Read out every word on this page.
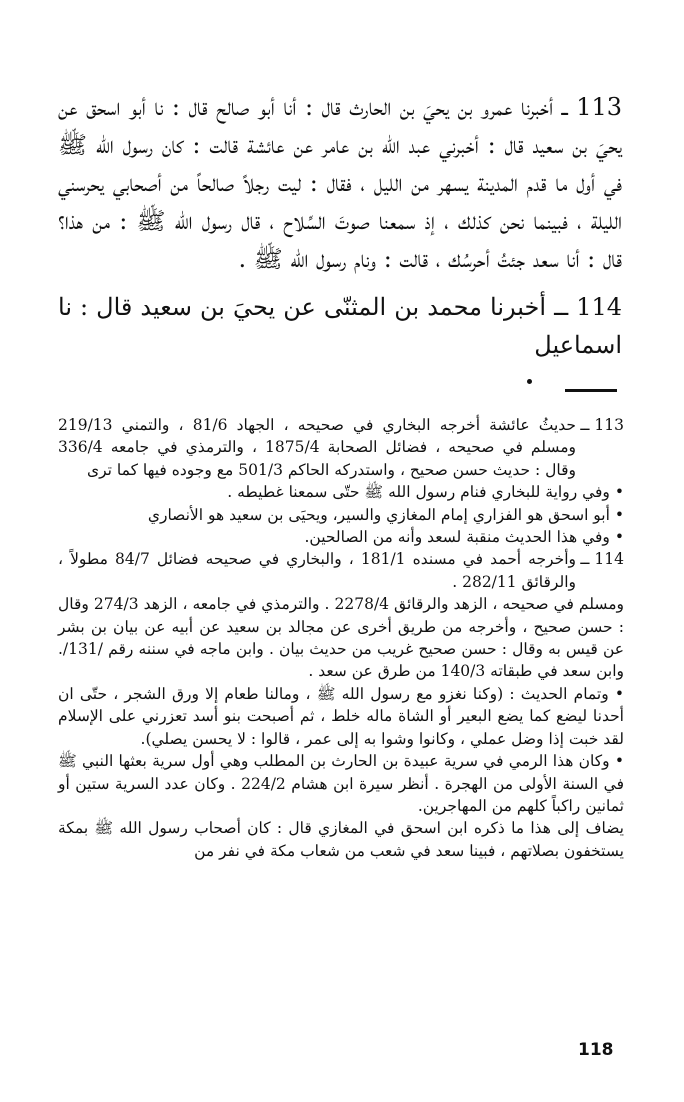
113 ــ أخبرنا عمرو بن يحيَ بن الحارث قال : أنا أبو صالح قال : نا أبو اسحق عن يحيَ بن سعيد قال : أخبرني عبد الله بن عامر عن عائشة قالت : كان رسول الله ﷺ في أول ما قدم المدينة يسهر من الليل ، فقال : ليت رجلاً صالحاً من أصحابي يحرسني الليلة ، فبينما نحن كذلك ، إذ سمعنا صوتَ السِّلاح ، قال رسول الله ﷺ : من هذا؟ قال : أنا سعد جئتُ أحرسُك ، قالت : ونام رسول الله ﷺ .

114 ــ أخبرنا محمد بن المثنّى عن يحيَ بن سعيد قال : نا اسماعيل

113 ــ
حديثُ عائشة أخرجه البخاري في صحيحه ، الجهاد 81/6 ، والتمني 219/13 ومسلم في صحيحه ، فضائل الصحابة 1875/4 ، والترمذي في جامعه 336/4 وقال : حديث حسن صحيح ، واستدركه الحاكم 501/3 مع وجوده فيها كما ترى

• وفي رواية للبخاري فنام رسول الله ﷺ حتّى سمعنا غطيطه .

• أبو اسحق هو الفزاري إمام المغازي والسير، ويحيَى بن سعيد هو الأنصاري

• وفي هذا الحديث منقبة لسعد وأنه من الصالحين.

114 ــ
وأخرجه أحمد في مسنده 181/1 ، والبخاري في صحيحه فضائل 84/7 مطولاً ، والرقائق 282/11 .

ومسلم في صحيحه ، الزهد والرقائق 2278/4 . والترمذي في جامعه ، الزهد 274/3 وقال : حسن صحيح ، وأخرجه من طريق أخرى عن مجالد بن سعيد عن أبيه عن بيان بن بشر عن قيس به وقال : حسن صحيح غريب من حديث بيان . وابن ماجه في سننه رقم /131/. وابن سعد في طبقاته 140/3 من طرق عن سعد .

• وتمام الحديث : (وكنا نغزو مع رسول الله ﷺ ، ومالنا طعام إلا ورق الشجر ، حتّى ان أحدنا ليضع كما يضع البعير أو الشاة ماله خلط ، ثم أصبحت بنو أسد تعزرني على الإسلام لقد خبت إذا وضل عملي ، وكانوا وشوا به إلى عمر ، قالوا : لا يحسن يصلي).

• وكان هذا الرمي في سرية عبيدة بن الحارث بن المطلب وهي أول سرية بعثها النبي ﷺ في السنة الأولى من الهجرة . أنظر سيرة ابن هشام 224/2 . وكان عدد السرية ستين أو ثمانين راكباً كلهم من المهاجرين.

يضاف إلى هذا ما ذكره ابن اسحق في المغازي قال : كان أصحاب رسول الله ﷺ بمكة يستخفون بصلاتهم ، فبينا سعد في شعب من شعاب مكة في نفر من

118
